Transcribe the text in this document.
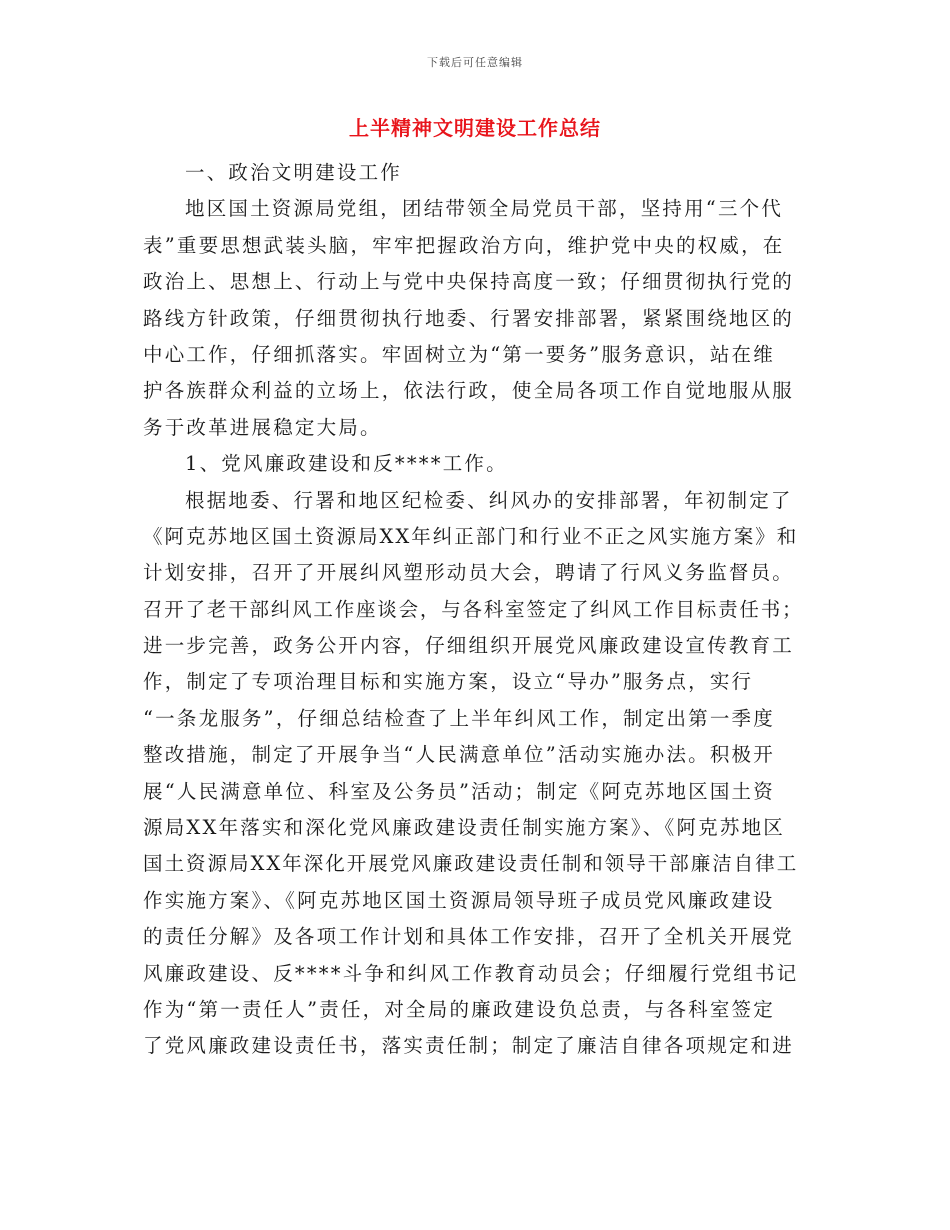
下载后可任意编辑
上半精神文明建设工作总结
一、政治文明建设工作
地区国土资源局党组，团结带领全局党员干部，坚持用“三个代
表”重要思想武装头脑，牢牢把握政治方向，维护党中央的权威，在
政治上、思想上、行动上与党中央保持高度一致；仔细贯彻执行党的
路线方针政策，仔细贯彻执行地委、行署安排部署，紧紧围绕地区的
中心工作，仔细抓落实。牢固树立为“第一要务”服务意识，站在维
护各族群众利益的立场上，依法行政，使全局各项工作自觉地服从服
务于改革进展稳定大局。
1、党风廉政建设和反****工作。
根据地委、行署和地区纪检委、纠风办的安排部署，年初制定了
《阿克苏地区国土资源局XX年纠正部门和行业不正之风实施方案》和
计划安排，召开了开展纠风塑形动员大会，聘请了行风义务监督员。
召开了老干部纠风工作座谈会，与各科室签定了纠风工作目标责任书；
进一步完善，政务公开内容，仔细组织开展党风廉政建设宣传教育工
作，制定了专项治理目标和实施方案，设立“导办”服务点，实行
“一条龙服务”，仔细总结检查了上半年纠风工作，制定出第一季度
整改措施，制定了开展争当“人民满意单位”活动实施办法。积极开
展“人民满意单位、科室及公务员”活动；制定《阿克苏地区国土资
源局XX年落实和深化党风廉政建设责任制实施方案》、《阿克苏地区
国土资源局XX年深化开展党风廉政建设责任制和领导干部廉洁自律工
作实施方案》、《阿克苏地区国土资源局领导班子成员党风廉政建设
的责任分解》及各项工作计划和具体工作安排，召开了全机关开展党
风廉政建设、反****斗争和纠风工作教育动员会；仔细履行党组书记
作为“第一责任人”责任，对全局的廉政建设负总责，与各科室签定
了党风廉政建设责任书，落实责任制；制定了廉洁自律各项规定和进
